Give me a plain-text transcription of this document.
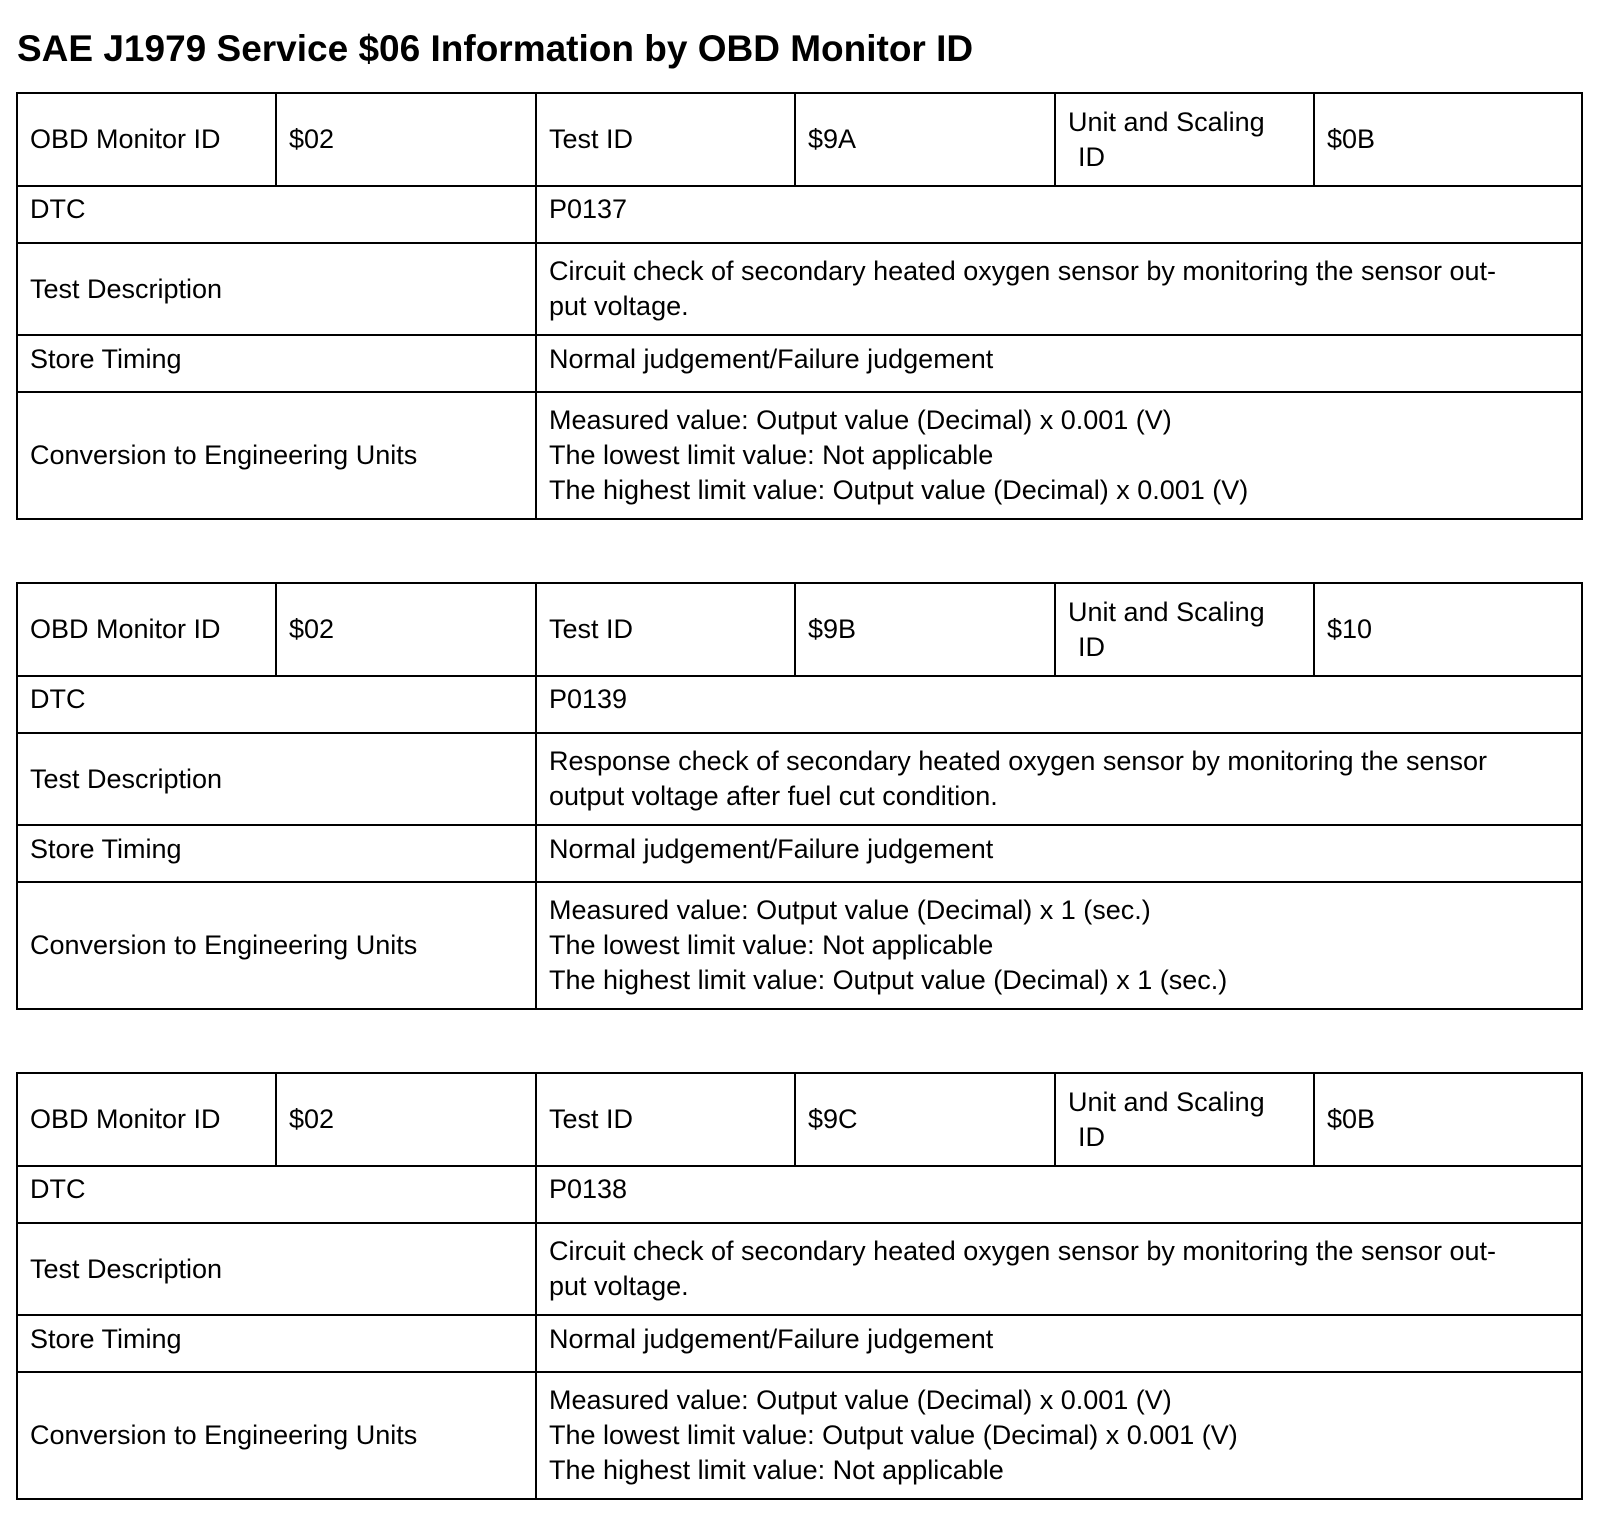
SAE J1979 Service $06 Information by OBD Monitor ID
OBD Monitor ID	$02	Test ID	$9A	Unit and Scaling
ID	$0B
DTC		P0137			
Test Description		Circuit check of secondary heated oxygen sensor by monitoring the sensor out-
put voltage.			

Store Timing		Normal judgement/Failure judgement			
Conversion to Engineering Units		Measured value: Output value (Decimal) x 0.001 (V)
The lowest limit value: Not applicable
The highest limit value: Output value (Decimal) x 0.001 (V)			
OBD Monitor ID	$02	Test ID	$9B	Unit and Scaling
ID	$10
DTC		P0139			
Test Description		Response check of secondary heated oxygen sensor by monitoring the sensor
output voltage after fuel cut condition.			

Store Timing		Normal judgement/Failure judgement			
Conversion to Engineering Units		Measured value: Output value (Decimal) x 1 (sec.)
The lowest limit value: Not applicable
The highest limit value: Output value (Decimal) x 1 (sec.)			
OBD Monitor ID	$02	Test ID	$9C	Unit and Scaling
ID	$0B
DTC		P0138			
Test Description		Circuit check of secondary heated oxygen sensor by monitoring the sensor out-
put voltage.			

Store Timing		Normal judgement/Failure judgement			
Conversion to Engineering Units		Measured value: Output value (Decimal) x 0.001 (V)
The lowest limit value: Output value (Decimal) x 0.001 (V)
The highest limit value: Not applicable			
